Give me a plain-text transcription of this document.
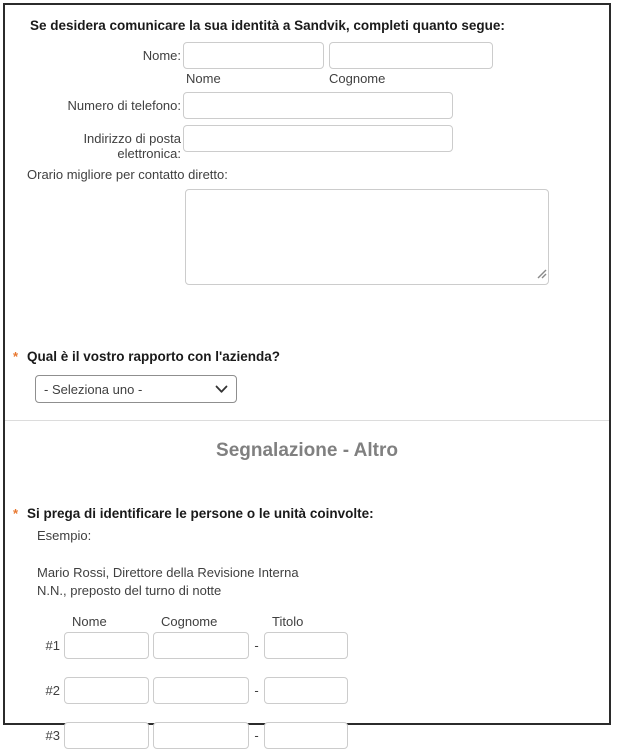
Se desidera comunicare la sua identità a Sandvik, completi quanto segue:
Nome:
Nome	Cognome
Numero di telefono:
Indirizzo di posta elettronica:
Orario migliore per contatto diretto:
* Qual è il vostro rapporto con l'azienda?
- Seleziona uno -
Segnalazione - Altro
* Si prega di identificare le persone o le unità coinvolte:
Esempio:
Mario Rossi, Direttore della Revisione Interna
N.N., preposto del turno di notte
Nome	Cognome	Titolo
#1	-
#2	-
#3	-
